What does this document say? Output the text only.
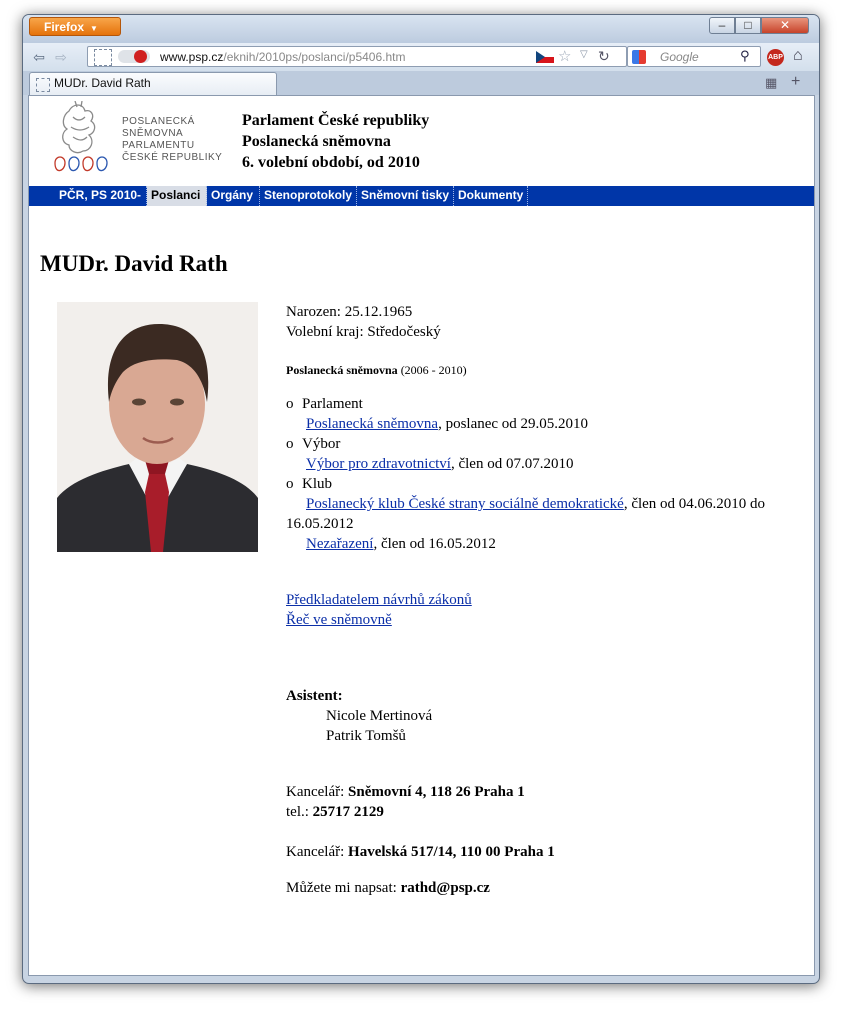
Firefox ▼	–	□	✕
⇦ ⇨	www.psp.cz/eknih/2010ps/poslanci/p5406.htm	☆ ▽ ↻	Google	⚲	ABP ⌂
MUDr. David Rath	▦ +
POSLANECKÁ
SNĚMOVNA
PARLAMENTU
ČESKÉ REPUBLIKY
Parlament České republiky
Poslanecká sněmovna
6. volební období, od 2010
PČR, PS 2010- Poslanci Orgány Stenoprotokoly Sněmovní tisky Dokumenty
MUDr. David Rath
Narozen: 25.12.1965
Volební kraj: Středočeský
Poslanecká sněmovna (2006 - 2010)
o Parlament
Poslanecká sněmovna, poslanec od 29.05.2010
o Výbor
Výbor pro zdravotnictví, člen od 07.07.2010
o Klub
Poslanecký klub České strany sociálně demokratické, člen od 04.06.2010 do
16.05.2012
Nezařazení, člen od 16.05.2012
Předkladatelem návrhů zákonů
Řeč ve sněmovně
Asistent:
Nicole Mertinová
Patrik Tomšů
Kancelář: Sněmovní 4, 118 26 Praha 1
tel.: 25717 2129
Kancelář: Havelská 517/14, 110 00 Praha 1
Můžete mi napsat: rathd@psp.cz
